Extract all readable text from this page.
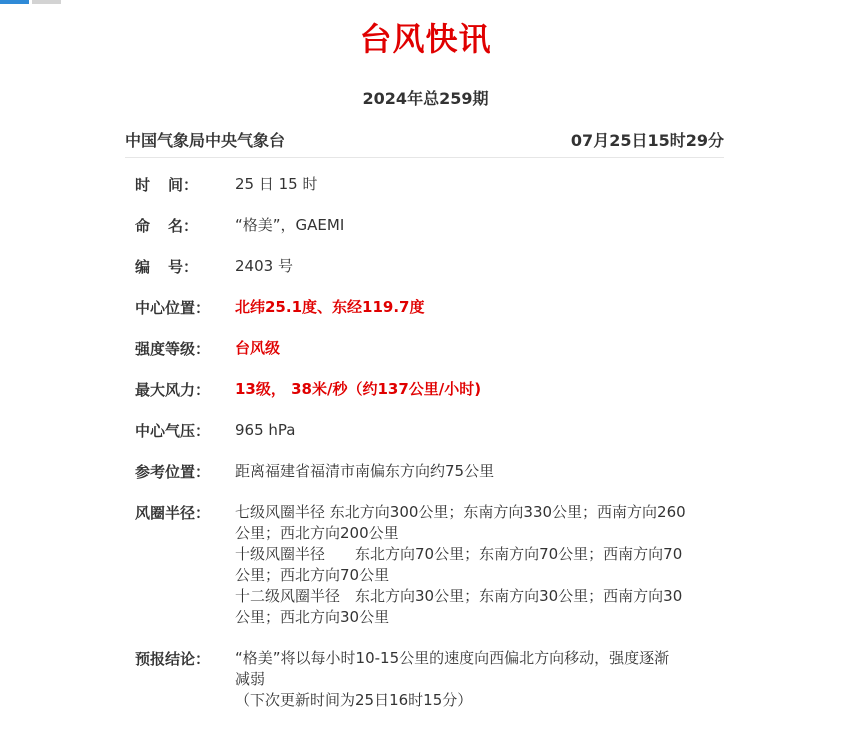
台风快讯
2024年总259期
中国气象局中央气象台	07月25日15时29分
时间：	25 日 15 时
命名：	“格美”，GAEMI
编号：	2403 号
中心位置：	北纬25.1度、东经119.7度
强度等级：	台风级
最大风力：	13级， 38米/秒（约137公里/小时)
中心气压：	965 hPa
参考位置：	距离福建省福清市南偏东方向约75公里
风圈半径：	七级风圈半径 东北方向300公里；东南方向330公里；西南方向260
公里；西北方向200公里
十级风圈半径　　东北方向70公里；东南方向70公里；西南方向70
公里；西北方向70公里
十二级风圈半径　东北方向30公里；东南方向30公里；西南方向30
公里；西北方向30公里
预报结论：	“格美”将以每小时10-15公里的速度向西偏北方向移动，强度逐渐
减弱
（下次更新时间为25日16时15分）
